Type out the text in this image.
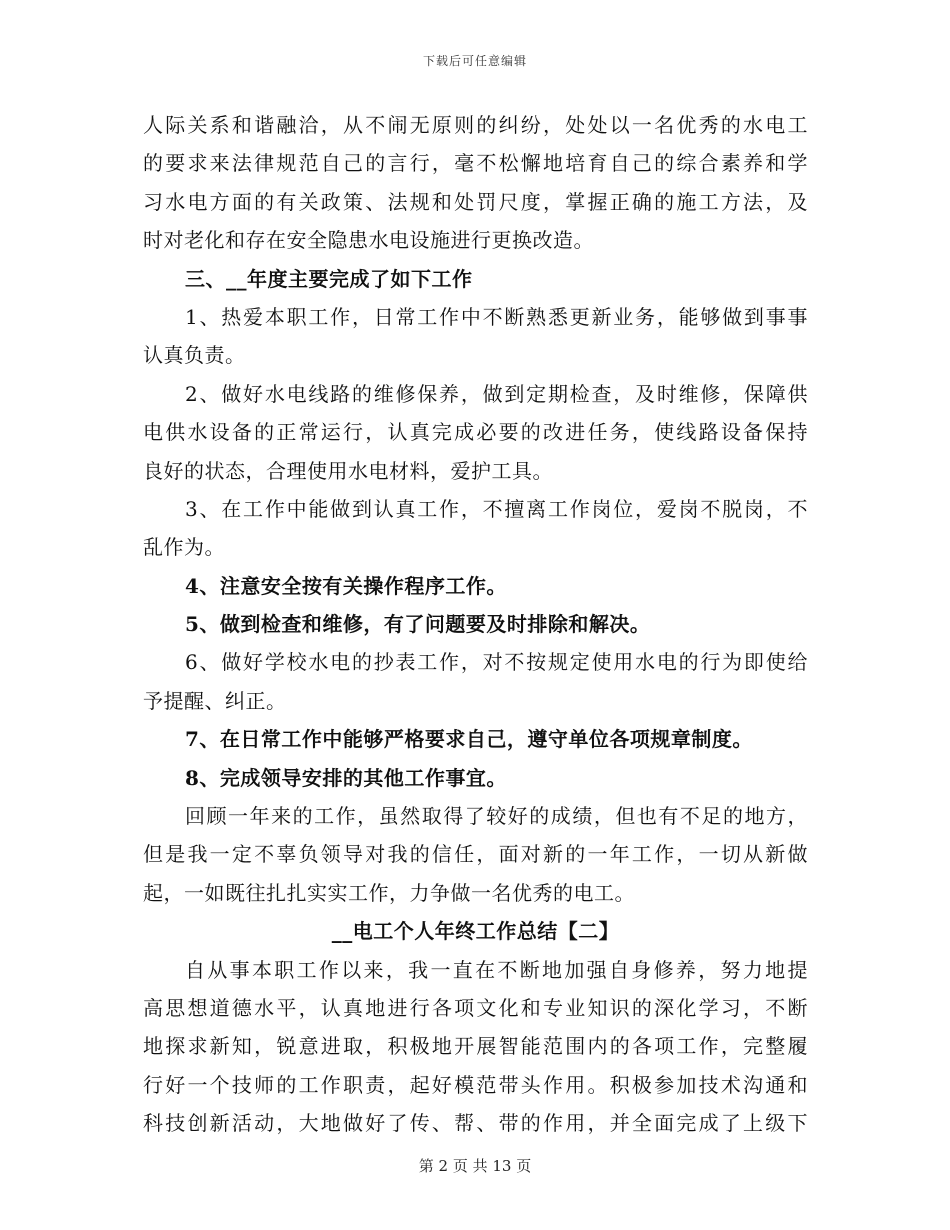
下载后可任意编辑
人际关系和谐融洽，从不闹无原则的纠纷，处处以一名优秀的水电工
的要求来法律规范自己的言行，毫不松懈地培育自己的综合素养和学
习水电方面的有关政策、法规和处罚尺度，掌握正确的施工方法，及
时对老化和存在安全隐患水电设施进行更换改造。
三、__年度主要完成了如下工作
1、热爱本职工作，日常工作中不断熟悉更新业务，能够做到事事
认真负责。
2、做好水电线路的维修保养，做到定期检查，及时维修，保障供
电供水设备的正常运行，认真完成必要的改进任务，使线路设备保持
良好的状态，合理使用水电材料，爱护工具。
3、在工作中能做到认真工作，不擅离工作岗位，爱岗不脱岗，不
乱作为。
4、注意安全按有关操作程序工作。
5、做到检查和维修，有了问题要及时排除和解决。
6、做好学校水电的抄表工作，对不按规定使用水电的行为即使给
予提醒、纠正。
7、在日常工作中能够严格要求自己，遵守单位各项规章制度。
8、完成领导安排的其他工作事宜。
回顾一年来的工作，虽然取得了较好的成绩，但也有不足的地方，
但是我一定不辜负领导对我的信任，面对新的一年工作，一切从新做
起，一如既往扎扎实实工作，力争做一名优秀的电工。
__电工个人年终工作总结【二】
自从事本职工作以来，我一直在不断地加强自身修养，努力地提
高思想道德水平，认真地进行各项文化和专业知识的深化学习，不断
地探求新知，锐意进取，积极地开展智能范围内的各项工作，完整履
行好一个技师的工作职责，起好模范带头作用。积极参加技术沟通和
科技创新活动，大地做好了传、帮、带的作用，并全面完成了上级下
第 2 页 共 13 页
